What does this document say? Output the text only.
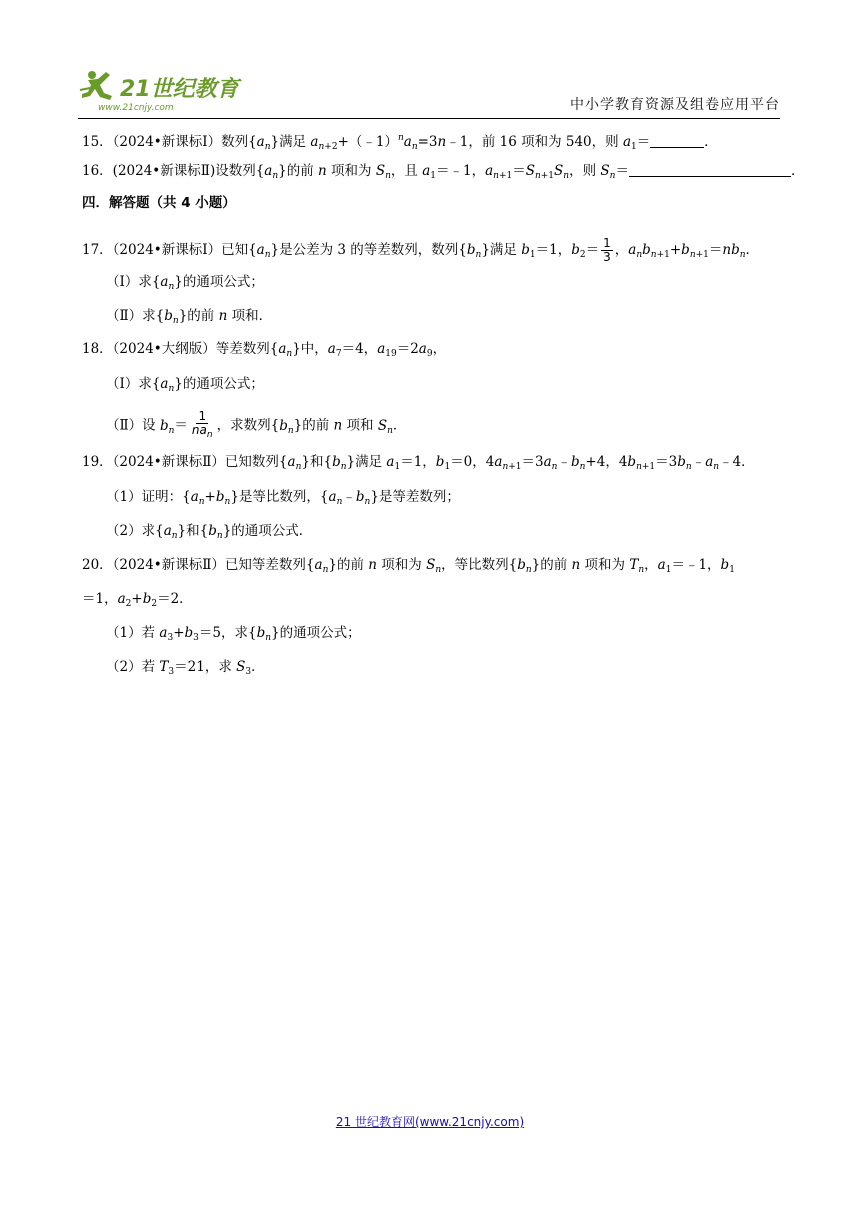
21世纪教育
www.21cnjy.com	中小学教育资源及组卷应用平台
15．（2024•新课标Ⅰ）数列$\{a_n\}$满足 $a_{n+2}+(﹣1)^na_n=3n﹣1$，前 16 项和为 540，则 $a_1=$	．
16．(2024•新课标Ⅱ)设数列$\{a_n\}$的前 n 项和为 $S_n$，且 $a_1=﹣1$，$a_{n+1}=S_{n+1}S_n$，则 $S_n=$	．
四．解答题（共 4 小题）
17．（2024•新课标Ⅰ）已知$\{a_n\}$是公差为 3 的等差数列，数列$\{b_n\}$满足 $b_1=1$，$b_2= \frac{1}{3}$ ，$a_nb_{n+1}+b_{n+1}=nb_n$．
（Ⅰ）求$\{a_n\}$的通项公式；
（Ⅱ）求$\{b_n\}$的前 n 项和．
18．（2024•大纲版）等差数列$\{a_n\}$中，$a_7=4$，$a_{19}=2a_9$，
（Ⅰ）求$\{a_n\}$的通项公式；
（Ⅱ）设 $b_n= \frac{1}{na_n}$ ，求数列$\{b_n\}$的前 n 项和 $S_n$．
19．（2024•新课标Ⅱ）已知数列$\{a_n\}$和$\{b_n\}$满足 $a_1=1$，$b_1=0$，$4a_{n+1}=3a_n﹣b_n+4$，$4b_{n+1}=3b_n﹣a_n﹣4$．
（1）证明：$\{a_n+b_n\}$是等比数列，$\{a_n﹣b_n\}$是等差数列；
（2）求$\{a_n\}$和$\{b_n\}$的通项公式．
20．（2024•新课标Ⅱ）已知等差数列$\{a_n\}$的前 n 项和为 $S_n$，等比数列$\{b_n\}$的前 n 项和为 $T_n$，$a_1=﹣1$，$b_1$
＝1，$a_2+b_2=2$．
（1）若 $a_3+b_3=5$，求$\{b_n\}$的通项公式；
（2）若 $T_3=21$，求 $S_3$．
21 世纪教育网(www.21cnjy.com)
